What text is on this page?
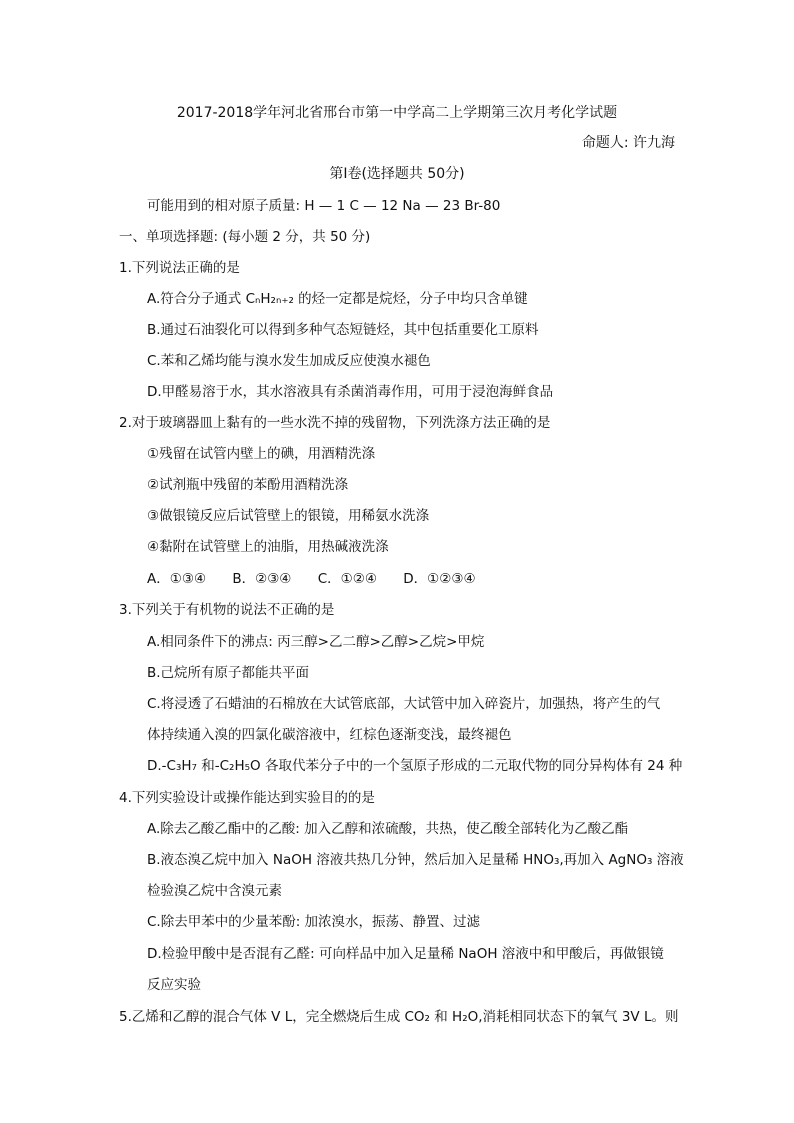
2017-2018学年河北省邢台市第一中学高二上学期第三次月考化学试题
命题人: 许九海
第Ⅰ卷(选择题共 50分)
可能用到的相对原子质量: H — 1 C — 12 Na — 23 Br-80
一、单项选择题: (每小题 2 分，共 50 分)
1.下列说法正确的是
A.符合分子通式 CₙH₂ₙ₊₂ 的烃一定都是烷烃，分子中均只含单键
B.通过石油裂化可以得到多种气态短链烃，其中包括重要化工原料
C.苯和乙烯均能与溴水发生加成反应使溴水褪色
D.甲醛易溶于水，其水溶液具有杀菌消毒作用，可用于浸泡海鲜食品
2.对于玻璃器皿上黏有的一些水洗不掉的残留物，下列洗涤方法正确的是
①残留在试管内壁上的碘，用酒精洗涤
②试剂瓶中残留的苯酚用酒精洗涤
③做银镜反应后试管壁上的银镜，用稀氨水洗涤
④黏附在试管壁上的油脂，用热碱液洗涤
A．①③④ B．②③④ C．①②④ D．①②③④
3.下列关于有机物的说法不正确的是
A.相同条件下的沸点: 丙三醇>乙二醇>乙醇>乙烷>甲烷
B.己烷所有原子都能共平面
C.将浸透了石蜡油的石棉放在大试管底部，大试管中加入碎瓷片，加强热，将产生的气
体持续通入溴的四氯化碳溶液中，红棕色逐渐变浅，最终褪色
D.-C₃H₇ 和-C₂H₅O 各取代苯分子中的一个氢原子形成的二元取代物的同分异构体有 24 种
4.下列实验设计或操作能达到实验目的的是
A.除去乙酸乙酯中的乙酸: 加入乙醇和浓硫酸，共热，使乙酸全部转化为乙酸乙酯
B.液态溴乙烷中加入 NaOH 溶液共热几分钟，然后加入足量稀 HNO₃,再加入 AgNO₃ 溶液
检验溴乙烷中含溴元素
C.除去甲苯中的少量苯酚: 加浓溴水，振荡、静置、过滤
D.检验甲酸中是否混有乙醛: 可向样品中加入足量稀 NaOH 溶液中和甲酸后，再做银镜
反应实验
5.乙烯和乙醇的混合气体 V L，完全燃烧后生成 CO₂ 和 H₂O,消耗相同状态下的氧气 3V L。则
